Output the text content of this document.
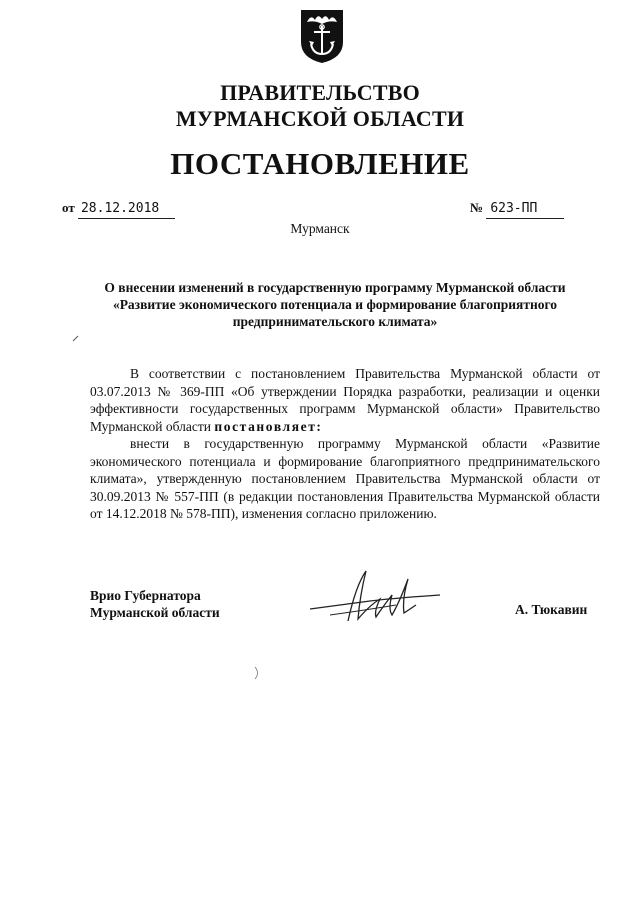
ПРАВИТЕЛЬСТВО
МУРМАНСКОЙ ОБЛАСТИ
ПОСТАНОВЛЕНИЕ
от 28.12.2018	№ 623-ПП
Мурманск
О внесении изменений в государственную программу Мурманской области
«Развитие экономического потенциала и формирование благоприятного
предпринимательского климата»

В соответствии с постановлением Правительства Мурманской области от 03.07.2013 № 369-ПП «Об утверждении Порядка разработки, реализации и оценки эффективности государственных программ Мурманской области» Правительство Мурманской области постановляет:

внести в государственную программу Мурманской области «Развитие экономического потенциала и формирование благоприятного предпринимательского климата», утвержденную постановлением Правительства Мурманской области от 30.09.2013 № 557-ПП (в редакции постановления Правительства Мурманской области от 14.12.2018 № 578-ПП), изменения согласно приложению.

Врио Губернатора
Мурманской области	А. Тюкавин
